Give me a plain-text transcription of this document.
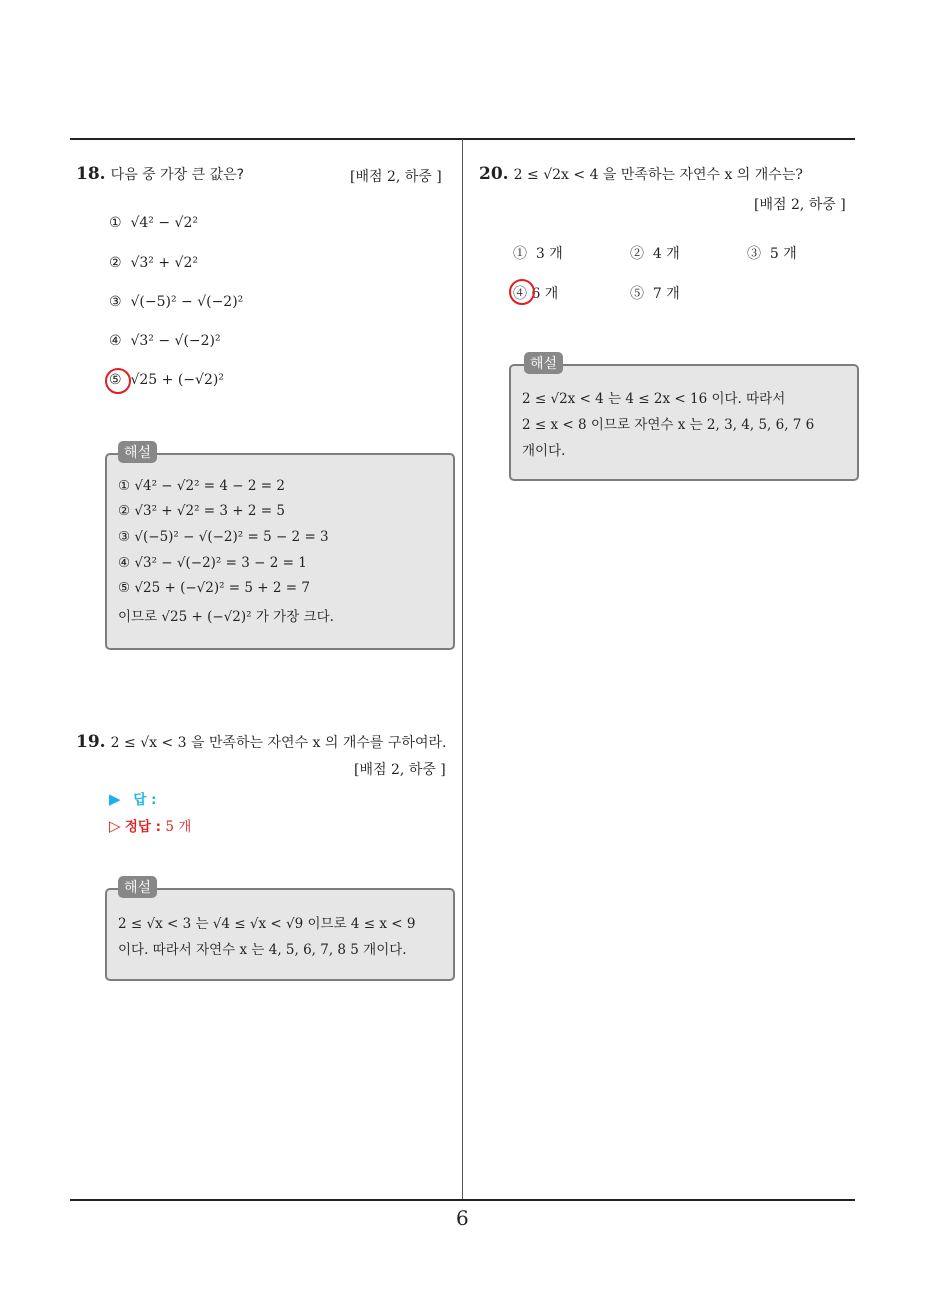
18. 다음 중 가장 큰 값은?	[배점 2, 하중 ]
① √4² − √2²
② √3² + √2²
③ √(−5)² − √(−2)²
④ √3² − √(−2)²
⑤ √25 + (−√2)²
해설
① √4² − √2² = 4 − 2 = 2
② √3² + √2² = 3 + 2 = 5
③ √(−5)² − √(−2)² = 5 − 2 = 3
④ √3² − √(−2)² = 3 − 2 = 1
⑤ √25 + (−√2)² = 5 + 2 = 7
이므로 √25 + (−√2)² 가 가장 크다.
19. 2 ≤ √x < 3 을 만족하는 자연수 x 의 개수를 구하여라.
[배점 2, 하중 ]
▶ 답 :
▷ 정답 : 5 개
해설
2 ≤ √x < 3 는 √4 ≤ √x < √9 이므로 4 ≤ x < 9
이다. 따라서 자연수 x 는 4, 5, 6, 7, 8 5 개이다.
20. 2 ≤ √2x < 4 을 만족하는 자연수 x 의 개수는?
[배점 2, 하중 ]
① 3 개	② 4 개	③ 5 개
④ 6 개	⑤ 7 개
해설
2 ≤ √2x < 4 는 4 ≤ 2x < 16 이다. 따라서
2 ≤ x < 8 이므로 자연수 x 는 2, 3, 4, 5, 6, 7 6
개이다.
6
